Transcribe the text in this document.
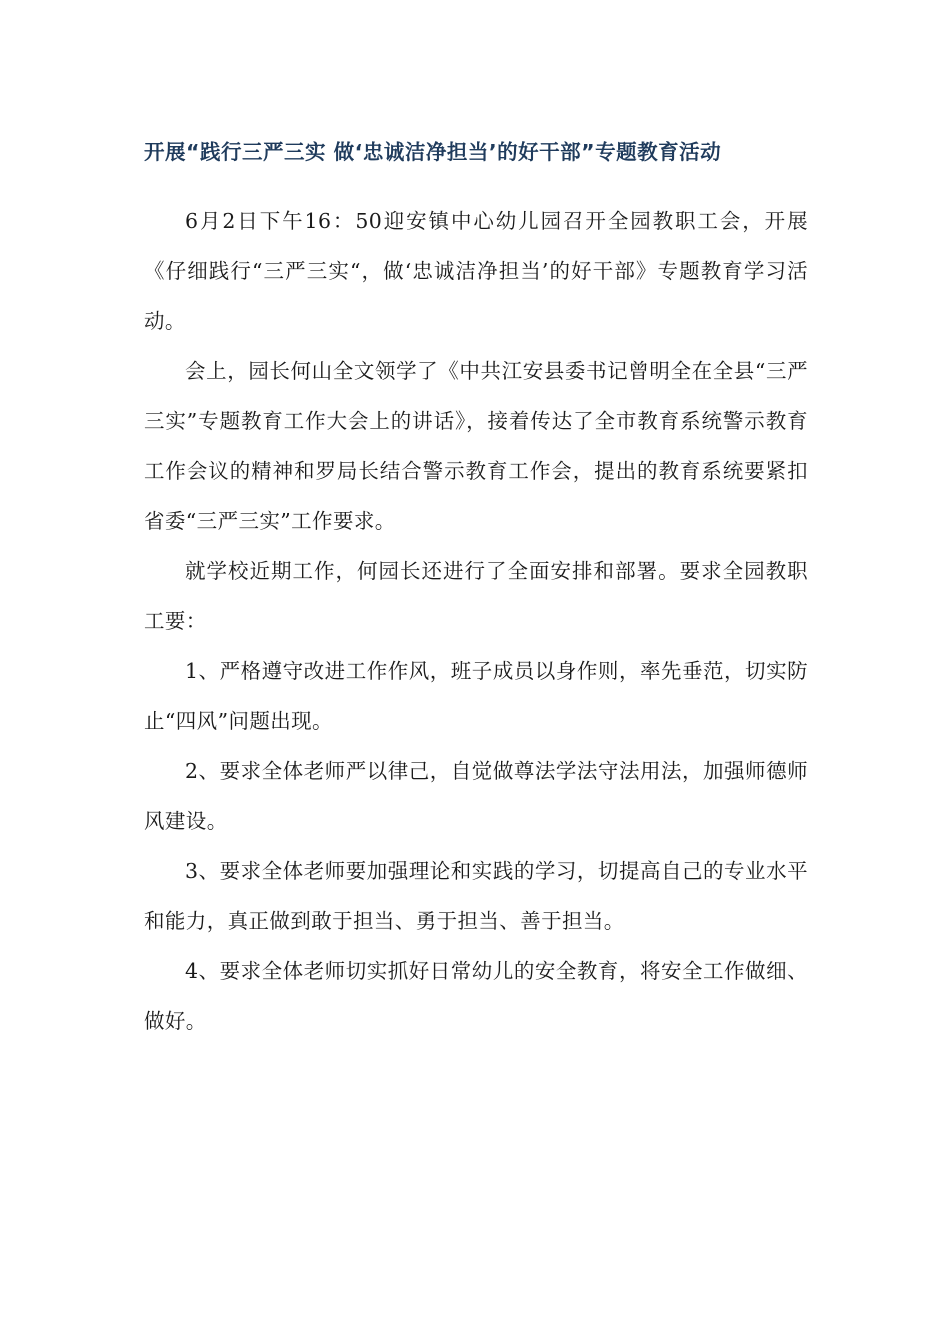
开展“践行三严三实 做‘忠诚洁净担当’的好干部”专题教育活动

6月2日下午16：50迎安镇中心幼儿园召开全园教职工会，开展《仔细践行“三严三实“，做‘忠诚洁净担当’的好干部》专题教育学习活动。

会上，园长何山全文领学了《中共江安县委书记曾明全在全县“三严三实”专题教育工作大会上的讲话》，接着传达了全市教育系统警示教育工作会议的精神和罗局长结合警示教育工作会，提出的教育系统要紧扣省委“三严三实”工作要求。

就学校近期工作，何园长还进行了全面安排和部署。要求全园教职工要：

1、严格遵守改进工作作风，班子成员以身作则，率先垂范，切实防止“四风”问题出现。

2、要求全体老师严以律己，自觉做尊法学法守法用法，加强师德师风建设。

3、要求全体老师要加强理论和实践的学习，切提高自己的专业水平和能力，真正做到敢于担当、勇于担当、善于担当。

4、要求全体老师切实抓好日常幼儿的安全教育，将安全工作做细、做好。
